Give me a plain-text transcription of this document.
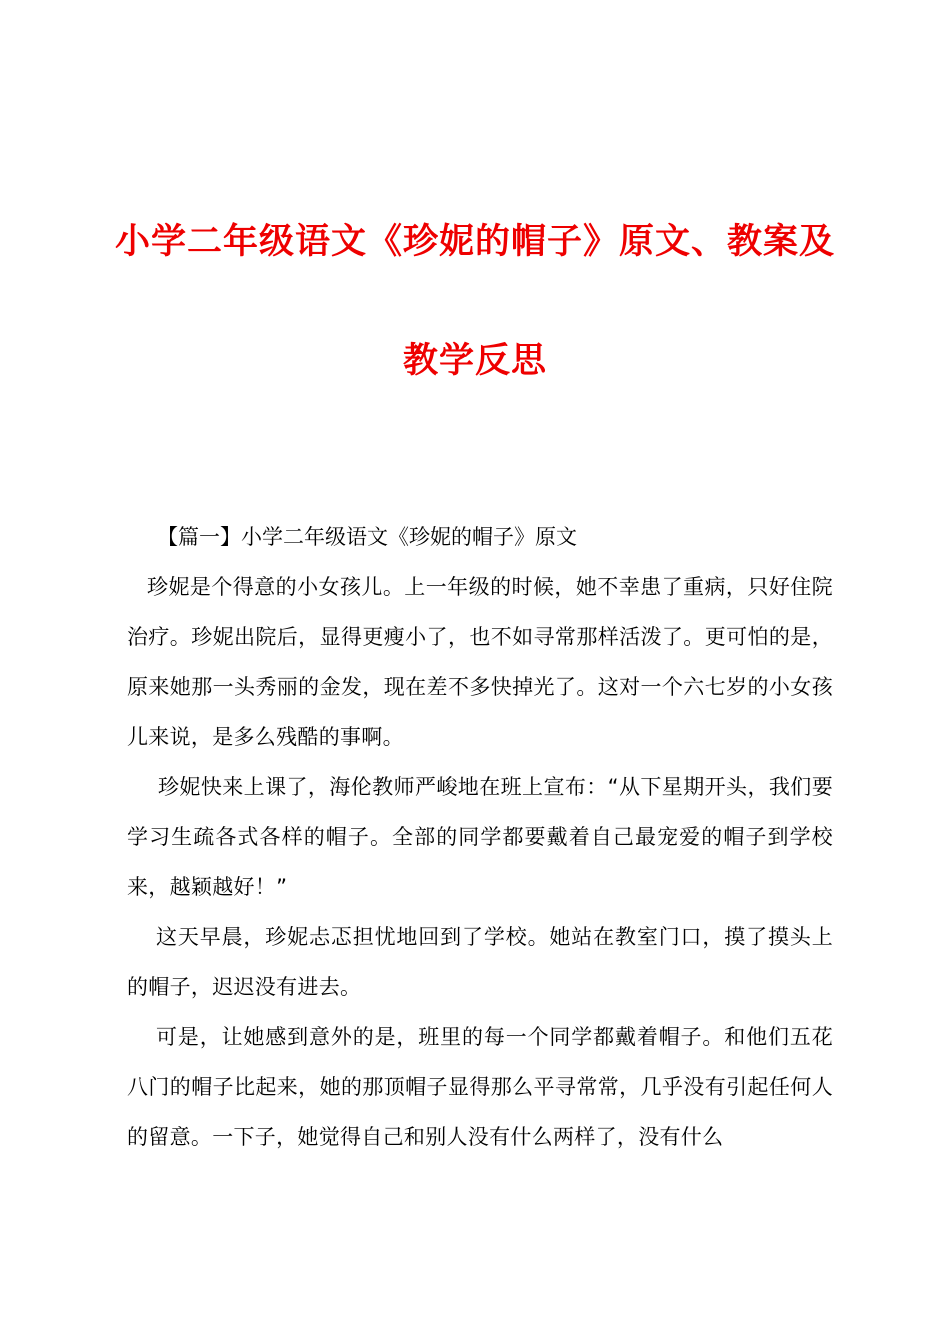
小学二年级语文《珍妮的帽子》原文、教案及
教学反思
【篇一】小学二年级语文《珍妮的帽子》原文

珍妮是个得意的小女孩儿。上一年级的时候，她不幸患了重病，只好住院治疗。珍妮出院后，显得更瘦小了，也不如寻常那样活泼了。更可怕的是，原来她那一头秀丽的金发，现在差不多快掉光了。这对一个六七岁的小女孩儿来说，是多么残酷的事啊。

珍妮快来上课了，海伦教师严峻地在班上宣布：“从下星期开头，我们要学习生疏各式各样的帽子。全部的同学都要戴着自己最宠爱的帽子到学校来，越颖越好！”

这天早晨，珍妮忐忑担忧地回到了学校。她站在教室门口，摸了摸头上的帽子，迟迟没有进去。

可是，让她感到意外的是，班里的每一个同学都戴着帽子。和他们五花八门的帽子比起来，她的那顶帽子显得那么平寻常常，几乎没有引起任何人的留意。一下子，她觉得自己和别人没有什么两样了，没有什么
